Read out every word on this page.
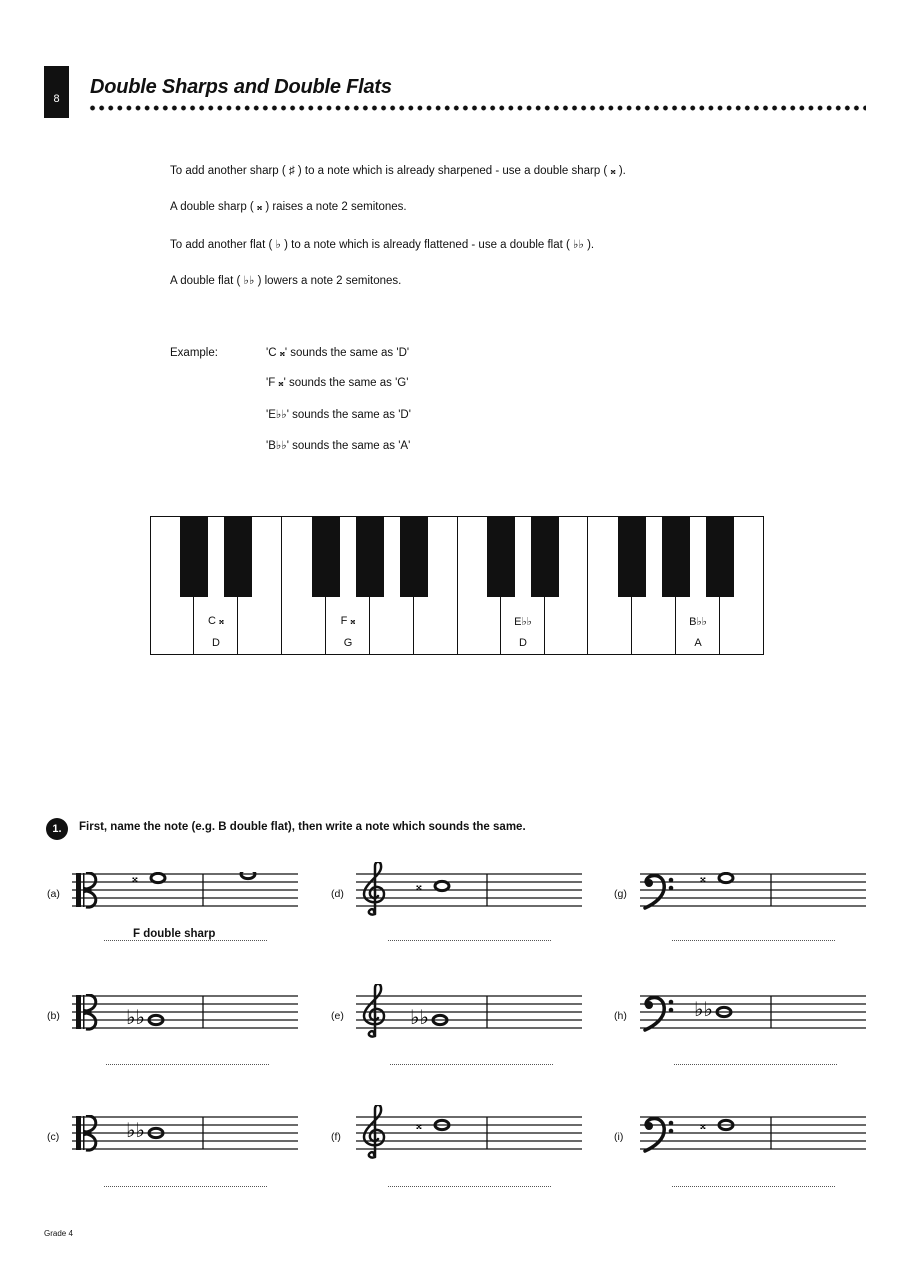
8
Double Sharps and Double Flats

To add another sharp ( ♯ ) to a note which is already sharpened - use a double sharp ( 𝄪 ).

A double sharp ( 𝄪 ) raises a note 2 semitones.

To add another flat ( ♭ ) to a note which is already flattened - use a double flat ( ♭♭ ).

A double flat ( ♭♭ ) lowers a note 2 semitones.

Example:	'C 𝄪' sounds the same as 'D'
'F 𝄪' sounds the same as 'G'
'E♭♭' sounds the same as 'D'
'B♭♭' sounds the same as 'A'
C 𝄪
D
F 𝄪
G
E♭♭
D
B♭♭
A
1.	First, name the note (e.g. B double flat), then write a note which sounds the same.

(a)
𝄪
F double sharp
(b)	♭♭
(c)	♭♭
(d)	𝄪
(e)	♭♭
(f)
𝄪
(g)
𝄪
(h)	♭♭
(i)
𝄪
Grade 4
